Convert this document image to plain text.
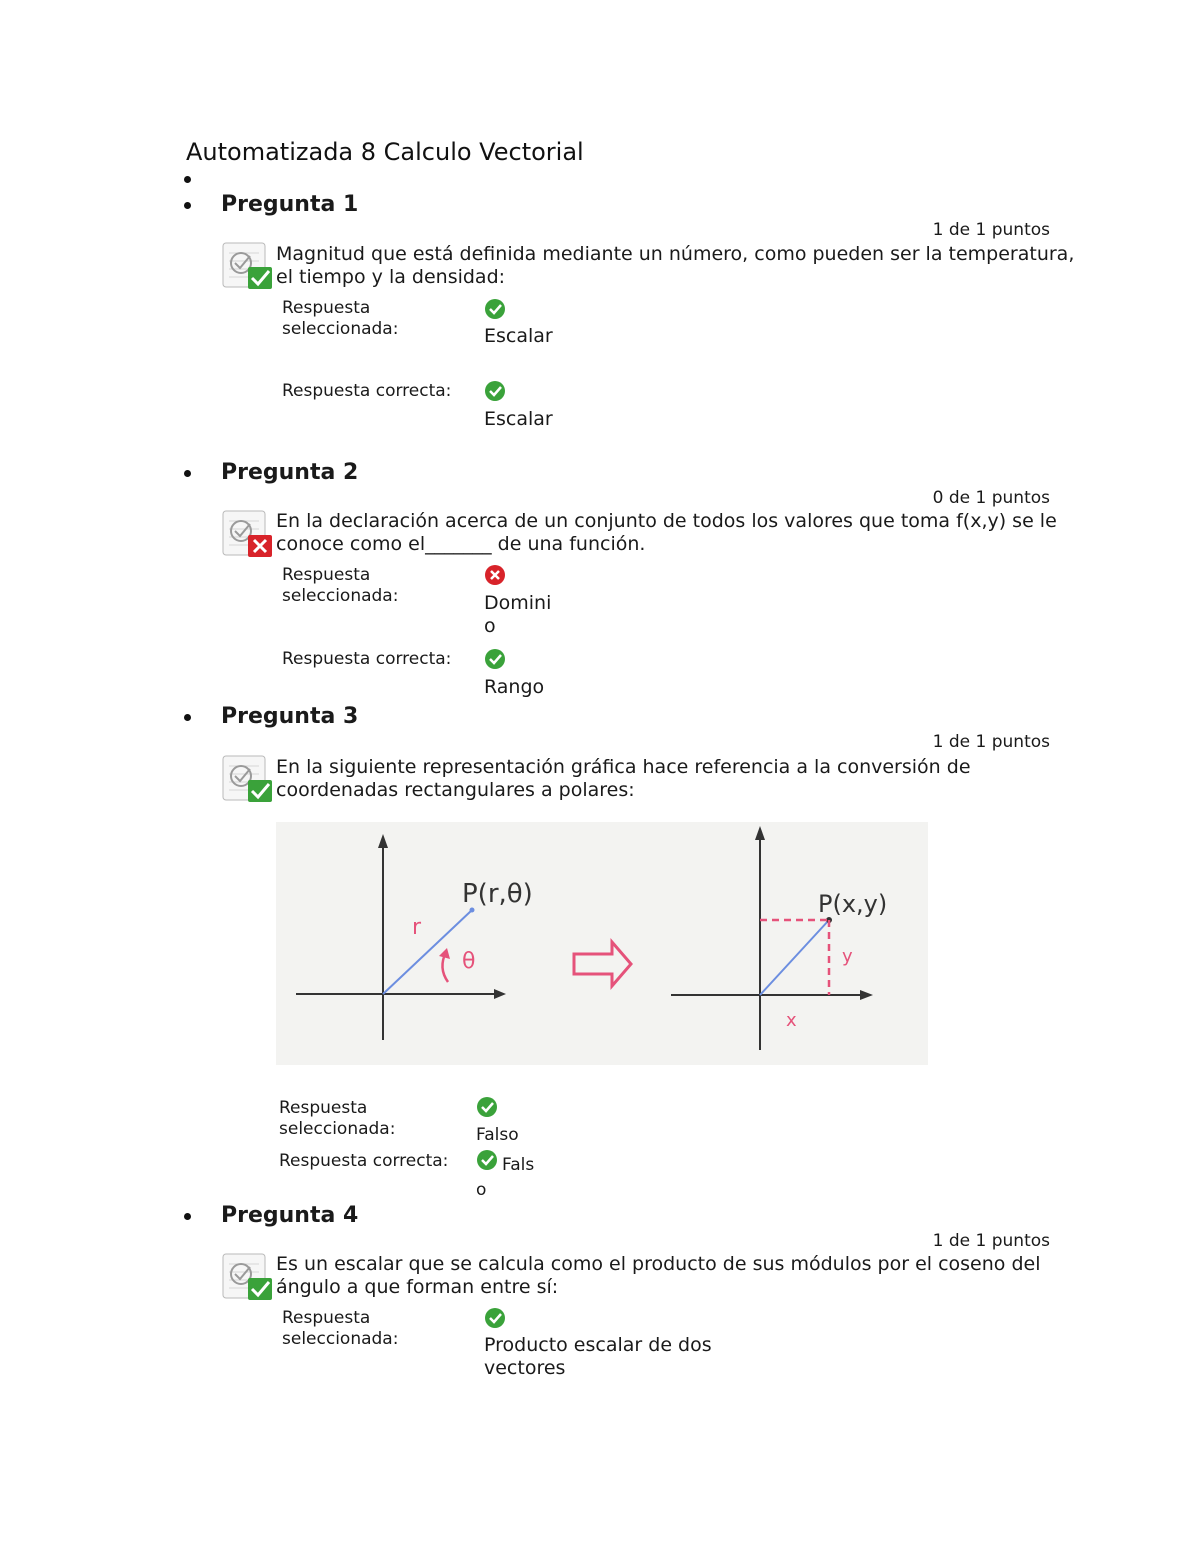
Automatizada 8 Calculo Vectorial
Pregunta 1
1 de 1 puntos
Magnitud que está definida mediante un número, como pueden ser la temperatura, el tiempo y la densidad:
Respuesta seleccionada:	Escalar
Respuesta correcta:
Escalar
Pregunta 2
0 de 1 puntos
En la declaración acerca de un conjunto de todos los valores que toma f(x,y) se le conoce como el_______ de una función.
Respuesta seleccionada:	Dominio
Respuesta correcta:
Rango
Pregunta 3
1 de 1 puntos
En la siguiente representación gráfica hace referencia a la conversión de coordenadas rectangulares a polares:
P(r,θ)
r
θ
P(x,y)
y
x
Respuesta seleccionada:	Falso
Respuesta correcta:	Falso
Pregunta 4
1 de 1 puntos
Es un escalar que se calcula como el producto de sus módulos por el coseno del ángulo a que forman entre sí:
Respuesta seleccionada:	Producto escalar de dos vectores
